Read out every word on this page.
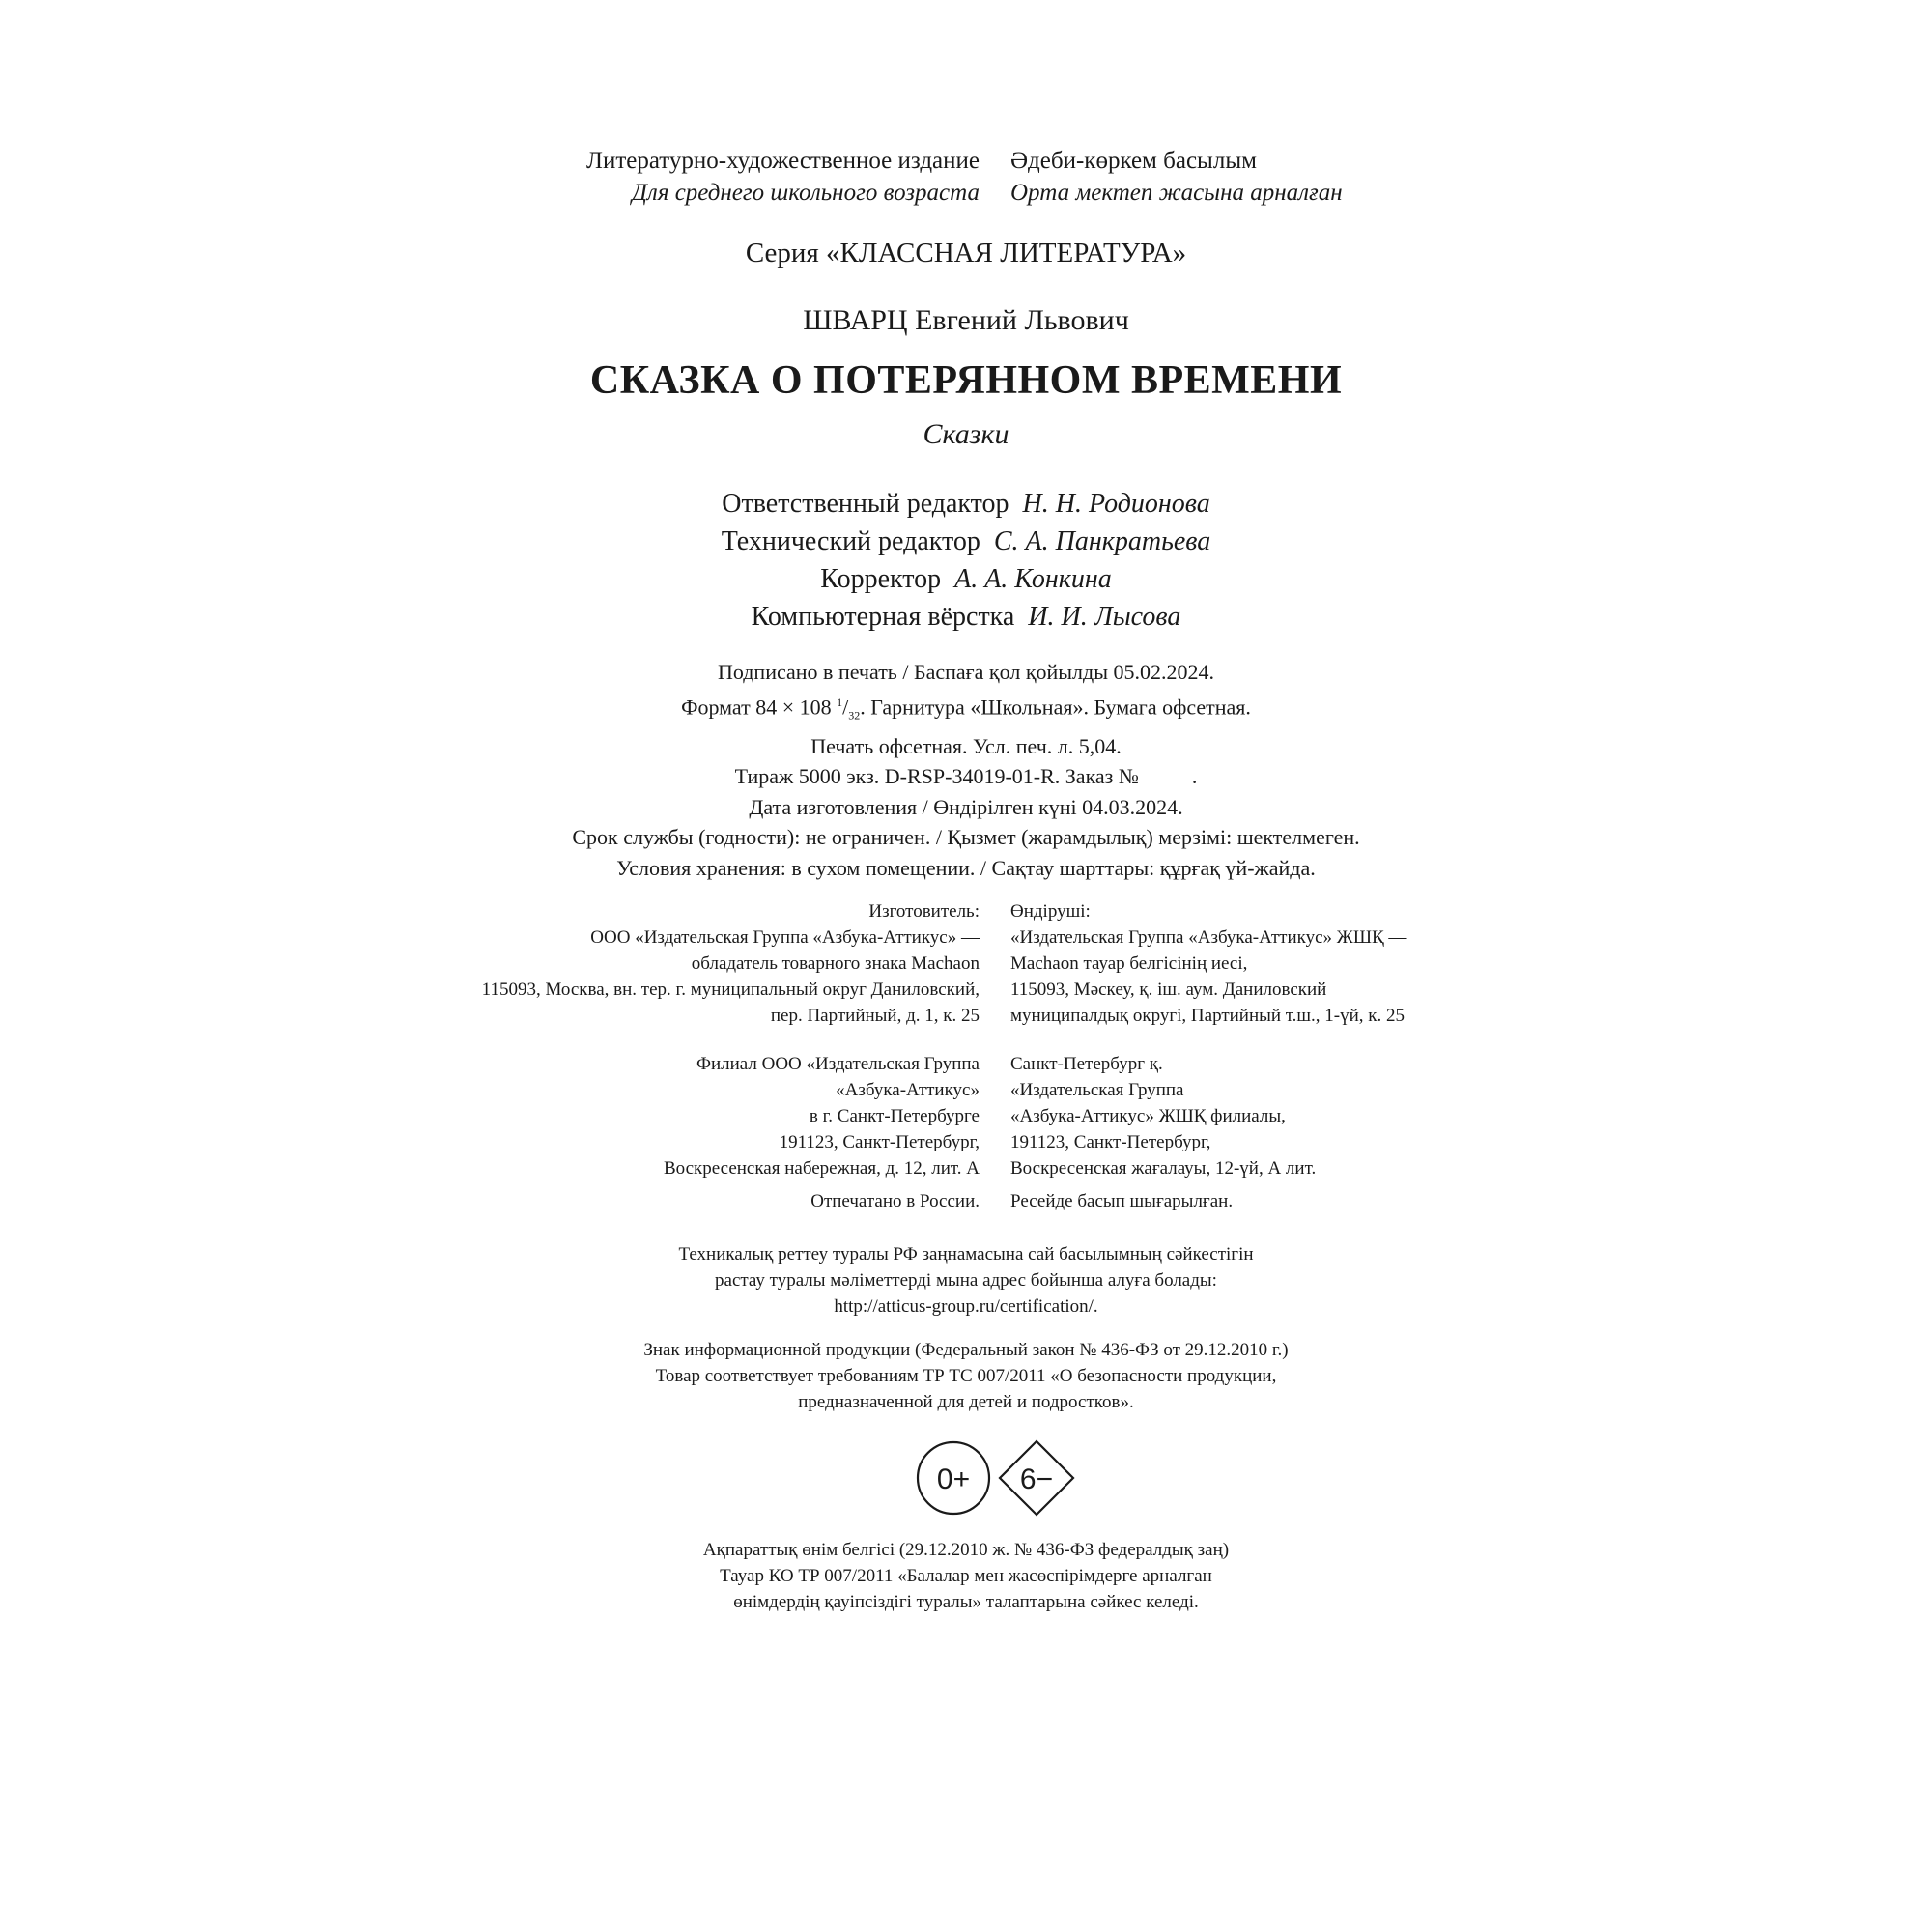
Литературно-художественное издание
Для среднего школьного возраста
Әдеби-көркем басылым
Орта мектеп жасына арналған
Серия «КЛАССНАЯ ЛИТЕРАТУРА»
ШВАРЦ Евгений Львович
СКАЗКА О ПОТЕРЯННОМ ВРЕМЕНИ
Сказки
Ответственный редактор Н. Н. Родионова
Технический редактор С. А. Панкратьева
Корректор А. А. Конкина
Компьютерная вёрстка И. И. Лысова
Подписано в печать / Баспаға қол қойылды 05.02.2024.
Формат 84 × 108 $^1/_{32}$. Гарнитура «Школьная». Бумага офсетная.
Печать офсетная. Усл. печ. л. 5,04.
Тираж 5000 экз. D-RSP-34019-01-R. Заказ №          .
Дата изготовления / Өндірілген күні 04.03.2024.
Срок службы (годности): не ограничен. / Қызмет (жарамдылық) мерзімі: шектелмеген.
Условия хранения: в сухом помещении. / Сақтау шарттары: құрғақ үй-жайда.
Изготовитель:
ООО «Издательская Группа «Азбука-Аттикус» —
обладатель товарного знака Machaon
115093, Москва, вн. тер. г. муниципальный округ Даниловский,
пер. Партийный, д. 1, к. 25
Өндіруші:
«Издательская Группа «Азбука-Аттикус» ЖШҚ —
Machaon тауар белгісінің иесі,
115093, Мәскеу, қ. іш. аум. Даниловский
муниципалдық округі, Партийный т.ш., 1-үй, к. 25
Филиал ООО «Издательская Группа
«Азбука-Аттикус»
в г. Санкт-Петербурге
191123, Санкт-Петербург,
Воскресенская набережная, д. 12, лит. А
Санкт-Петербург қ.
«Издательская Группа
«Азбука-Аттикус» ЖШҚ филиалы,
191123, Санкт-Петербург,
Воскресенская жағалауы, 12-үй, А лит.
Отпечатано в России. Ресейде басып шығарылған.
Техникалық реттеу туралы РФ заңнамасына сай басылымның сәйкестігін
растау туралы мәліметтерді мына адрес бойынша алуға болады:
http://atticus-group.ru/certification/.
Знак информационной продукции (Федеральный закон № 436-ФЗ от 29.12.2010 г.)
Товар соответствует требованиям ТР ТС 007/2011 «О безопасности продукции,
предназначенной для детей и подростков».
0+ 6−
Ақпараттық өнім белгісі (29.12.2010 ж. № 436-ФЗ федералдық заң)
Тауар КО ТР 007/2011 «Балалар мен жасөспірімдерге арналған
өнімдердің қауіпсіздігі туралы» талаптарына сәйкес келеді.
